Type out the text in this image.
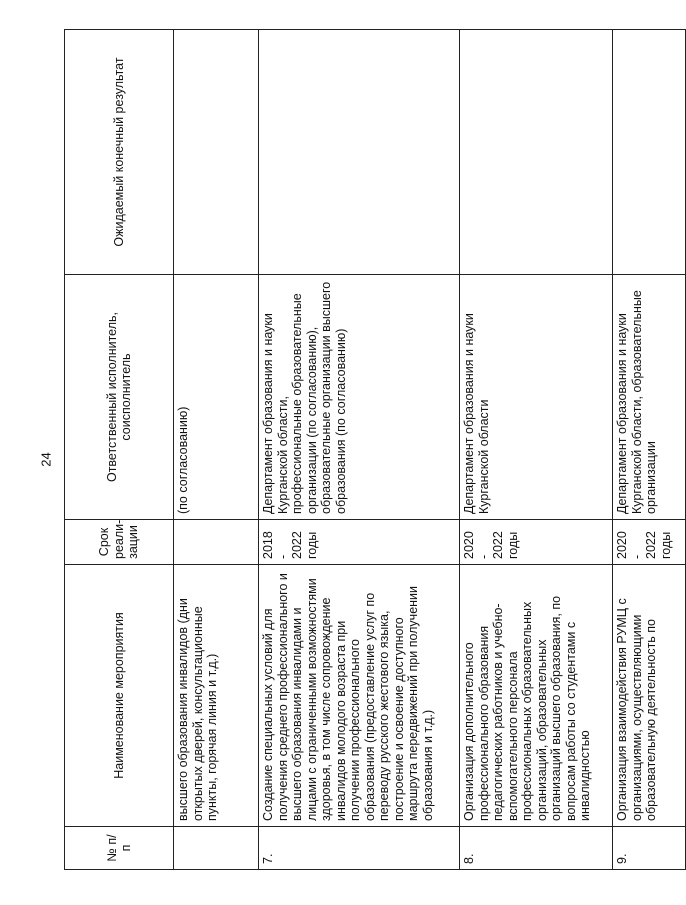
24
№ п/п	Наименование мероприятия	Срок реали-зации	Ответственный исполнитель, соисполнитель	Ожидаемый конечный результат
	высшего образования инвалидов (дни открытых дверей, консультационные пункты, горячая линия и т.д.)		(по согласованию)	
7.	Создание специальных условий для получения среднего профессионального и высшего образования инвалидами и лицами с ограниченными возможностями здоровья, в том числе сопровождение инвалидов молодого возраста при получении профессионального образования (предоставление услуг по переводу русского жестового языка, построение и освоение доступного маршрута передвижений при получении образования и т.д.)	2018 - 2022 годы	Департамент образования и науки Курганской области, профессиональные образовательные организации (по согласованию), образовательные организации высшего образования (по согласованию)	
8.	Организация дополнительного профессионального образования педагогических работников и учебно-вспомогательного персонала профессиональных образовательных организаций, образовательных организаций высшего образования, по вопросам работы со студентами с инвалидностью	2020 - 2022 годы	Департамент образования и науки Курганской области	
9.	Организация взаимодействия РУМЦ с организациями, осуществляющими образовательную деятельность по	2020 - 2022 годы	Департамент образования и науки Курганской области, образовательные организации	
